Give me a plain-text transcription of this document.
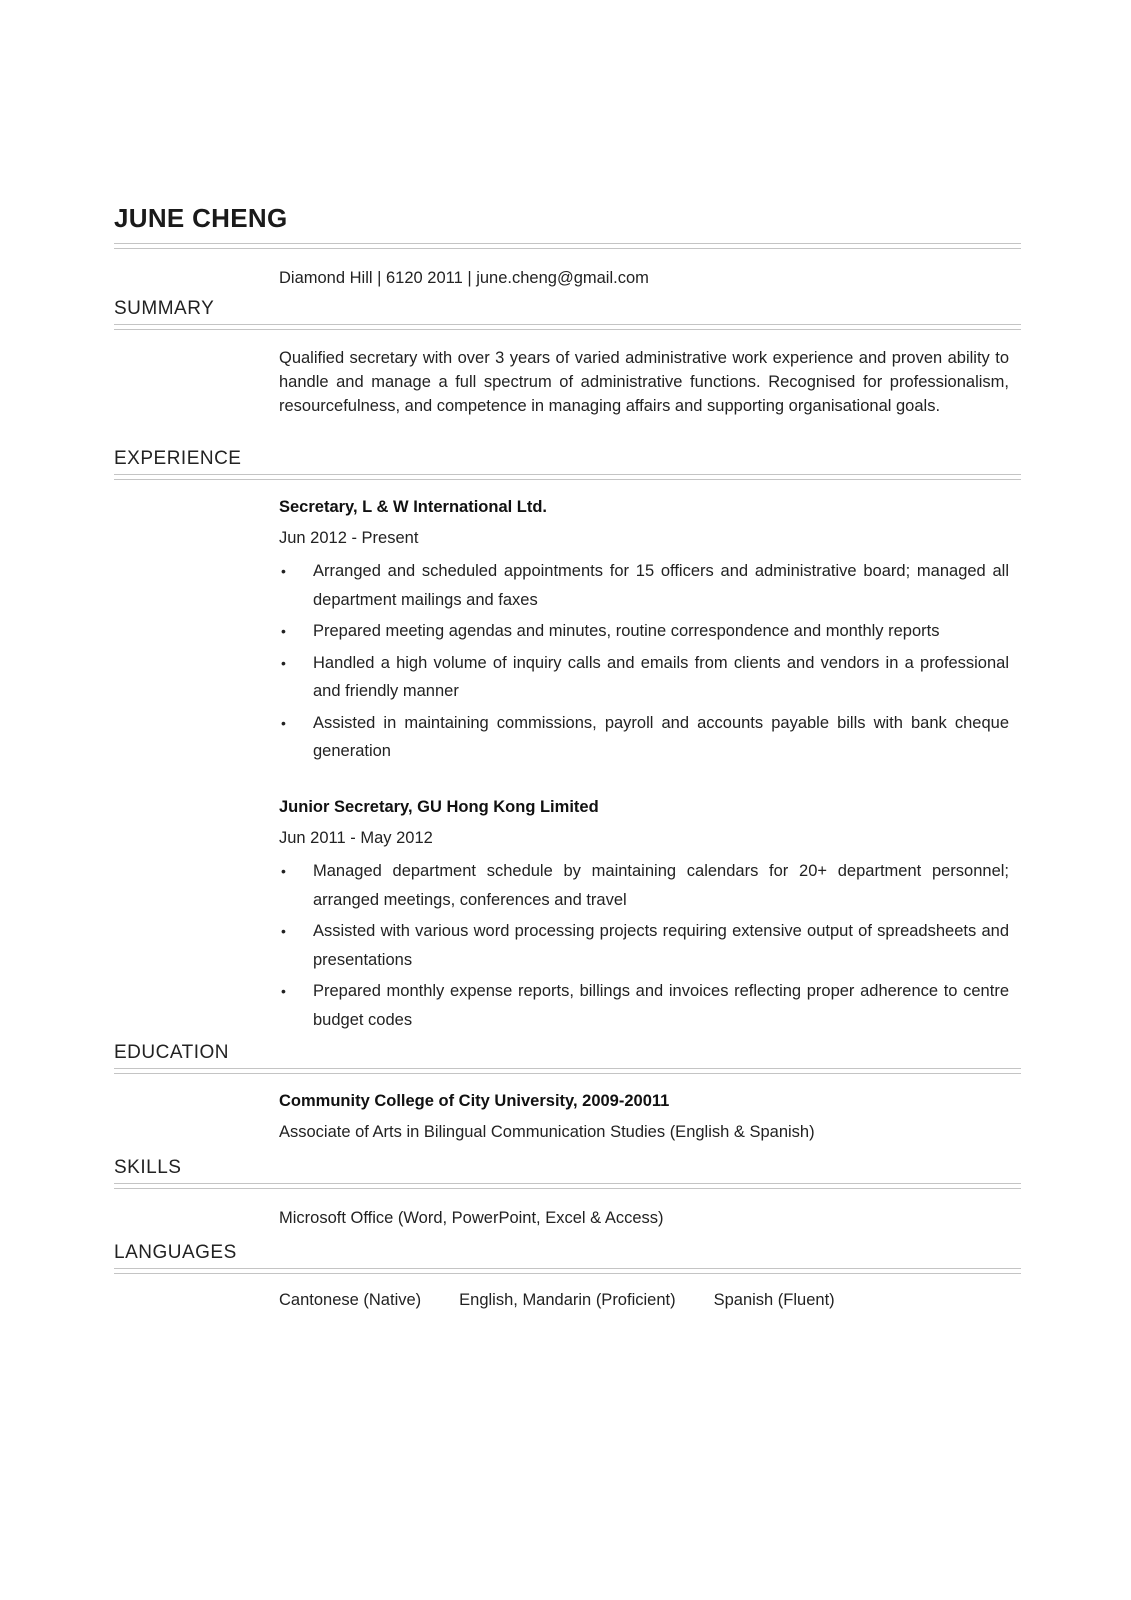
JUNE CHENG
Diamond Hill | 6120 2011 | june.cheng@gmail.com
SUMMARY
Qualified secretary with over 3 years of varied administrative work experience and proven ability to handle and manage a full spectrum of administrative functions. Recognised for professionalism, resourcefulness, and competence in managing affairs and supporting organisational goals.
EXPERIENCE
Secretary, L & W International Ltd.
Jun 2012 - Present
• Arranged and scheduled appointments for 15 officers and administrative board; managed all department mailings and faxes
• Prepared meeting agendas and minutes, routine correspondence and monthly reports
• Handled a high volume of inquiry calls and emails from clients and vendors in a professional and friendly manner
• Assisted in maintaining commissions, payroll and accounts payable bills with bank cheque generation
Junior Secretary, GU Hong Kong Limited
Jun 2011 - May 2012
• Managed department schedule by maintaining calendars for 20+ department personnel; arranged meetings, conferences and travel
• Assisted with various word processing projects requiring extensive output of spreadsheets and presentations
• Prepared monthly expense reports, billings and invoices reflecting proper adherence to centre budget codes
EDUCATION
Community College of City University, 2009-20011
Associate of Arts in Bilingual Communication Studies (English & Spanish)
SKILLS
Microsoft Office (Word, PowerPoint, Excel & Access)
LANGUAGES
Cantonese (Native) English, Mandarin (Proficient) Spanish (Fluent)
